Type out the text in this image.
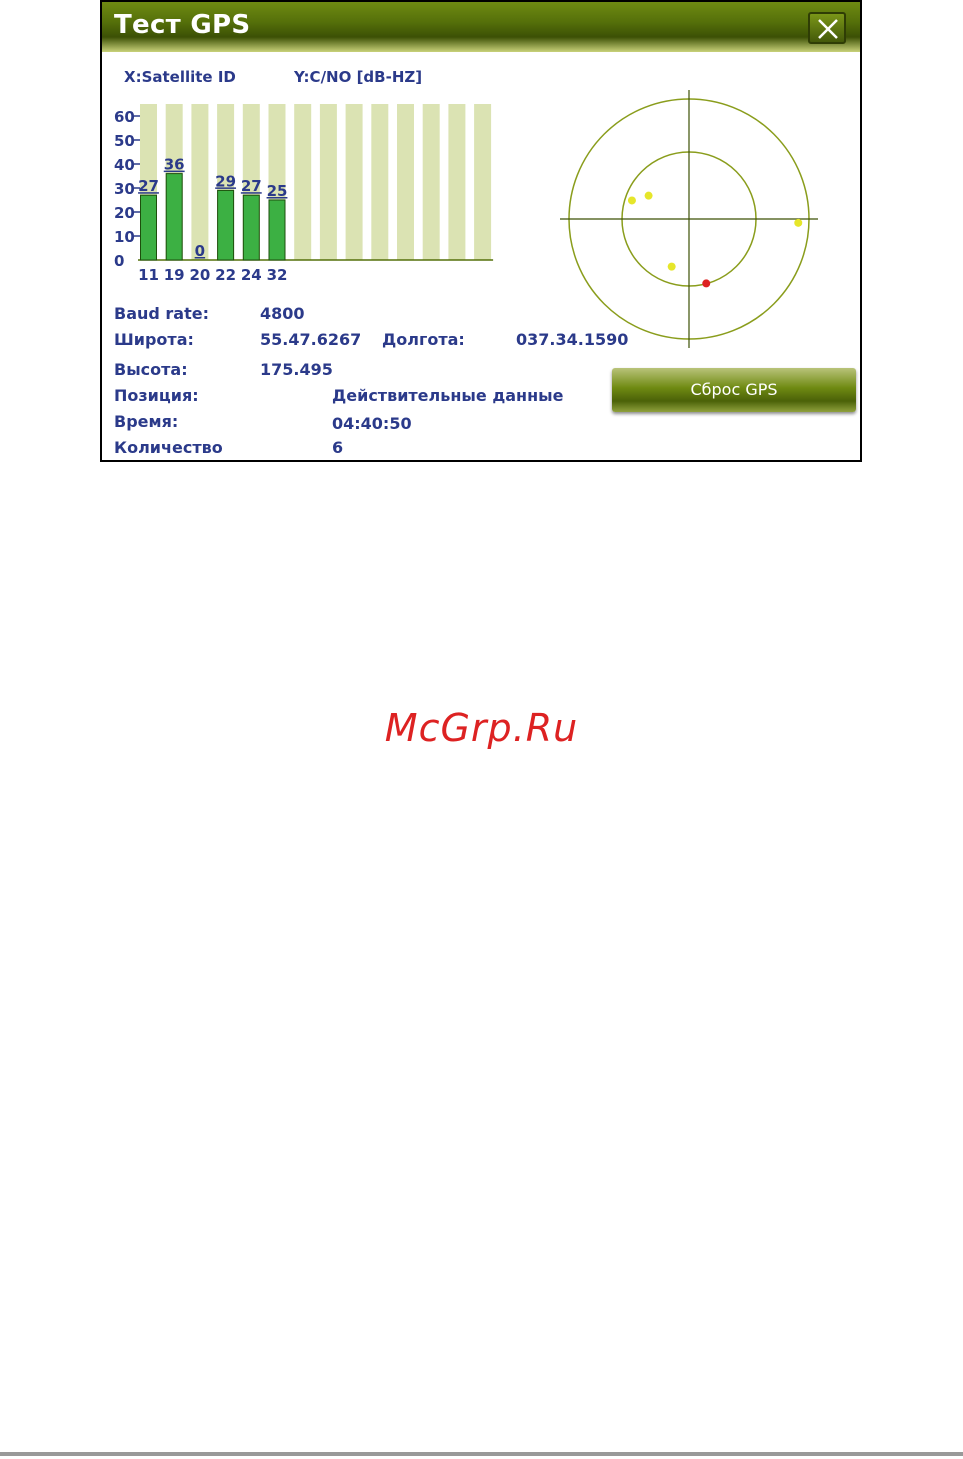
Тест GPS
X:Satellite ID	Y:C/NO [dB-HZ]
60
50
40
30
20
10
0
27
11
36
19
0
20
29
22
27
24
25
32
Baud rate:	4800
Широта:	55.47.6267 Долгота:	037.34.1590
Высота:	175.495
Позиция:	Действительные данные
Время:	04:40:50
Количество	6
Сброс GPS
McGrp.Ru
